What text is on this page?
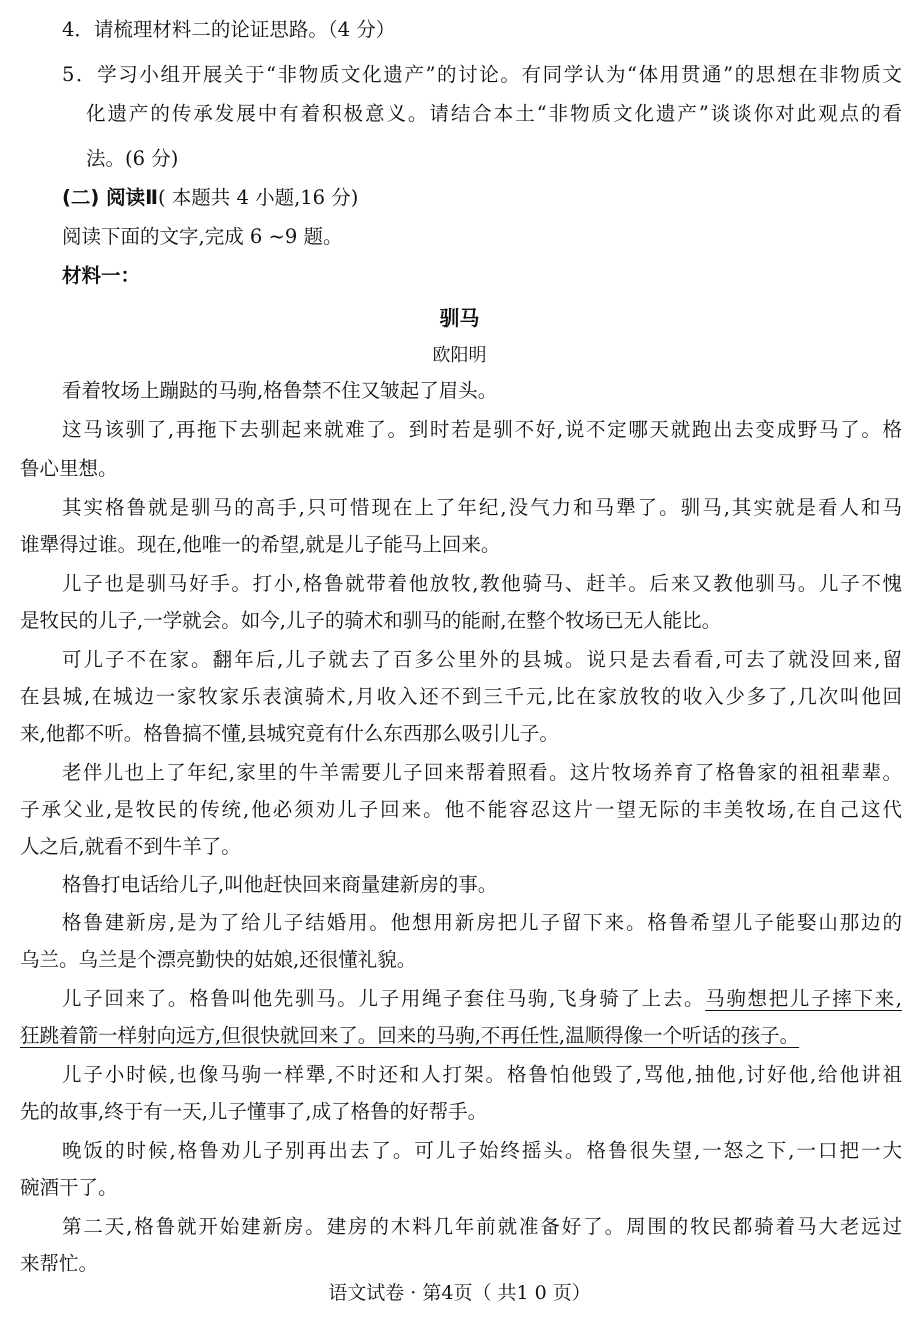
4．请梳理材料二的论证思路。（4 分）
5．学习小组开展关于“非物质文化遗产”的讨论。有同学认为“体用贯通”的思想在非物质文
化遗产的传承发展中有着积极意义。请结合本土“非物质文化遗产”谈谈你对此观点的看
法。(6 分)
(二) 阅读Ⅱ( 本题共 4 小题,16 分)
阅读下面的文字,完成 6 ~9 题。
材料一：
驯马
欧阳明
看着牧场上蹦跶的马驹,格鲁禁不住又皱起了眉头。
这马该驯了,再拖下去驯起来就难了。到时若是驯不好,说不定哪天就跑出去变成野马了。格
鲁心里想。
其实格鲁就是驯马的高手,只可惜现在上了年纪,没气力和马犟了。驯马,其实就是看人和马
谁犟得过谁。现在,他唯一的希望,就是儿子能马上回来。
儿子也是驯马好手。打小,格鲁就带着他放牧,教他骑马、赶羊。后来又教他驯马。儿子不愧
是牧民的儿子,一学就会。如今,儿子的骑术和驯马的能耐,在整个牧场已无人能比。
可儿子不在家。翻年后,儿子就去了百多公里外的县城。说只是去看看,可去了就没回来,留
在县城,在城边一家牧家乐表演骑术,月收入还不到三千元,比在家放牧的收入少多了,几次叫他回
来,他都不听。格鲁搞不懂,县城究竟有什么东西那么吸引儿子。
老伴儿也上了年纪,家里的牛羊需要儿子回来帮着照看。这片牧场养育了格鲁家的祖祖辈辈。
子承父业,是牧民的传统,他必须劝儿子回来。他不能容忍这片一望无际的丰美牧场,在自己这代
人之后,就看不到牛羊了。
格鲁打电话给儿子,叫他赶快回来商量建新房的事。
格鲁建新房,是为了给儿子结婚用。他想用新房把儿子留下来。格鲁希望儿子能娶山那边的
乌兰。乌兰是个漂亮勤快的姑娘,还很懂礼貌。
儿子回来了。格鲁叫他先驯马。儿子用绳子套住马驹,飞身骑了上去。马驹想把儿子摔下来,
狂跳着箭一样射向远方,但很快就回来了。回来的马驹,不再任性,温顺得像一个听话的孩子。
儿子小时候,也像马驹一样犟,不时还和人打架。格鲁怕他毁了,骂他,抽他,讨好他,给他讲祖
先的故事,终于有一天,儿子懂事了,成了格鲁的好帮手。
晚饭的时候,格鲁劝儿子别再出去了。可儿子始终摇头。格鲁很失望,一怒之下,一口把一大
碗酒干了。
第二天,格鲁就开始建新房。建房的木料几年前就准备好了。周围的牧民都骑着马大老远过
来帮忙。
语文试卷 · 第4页（ 共1 0 页）
